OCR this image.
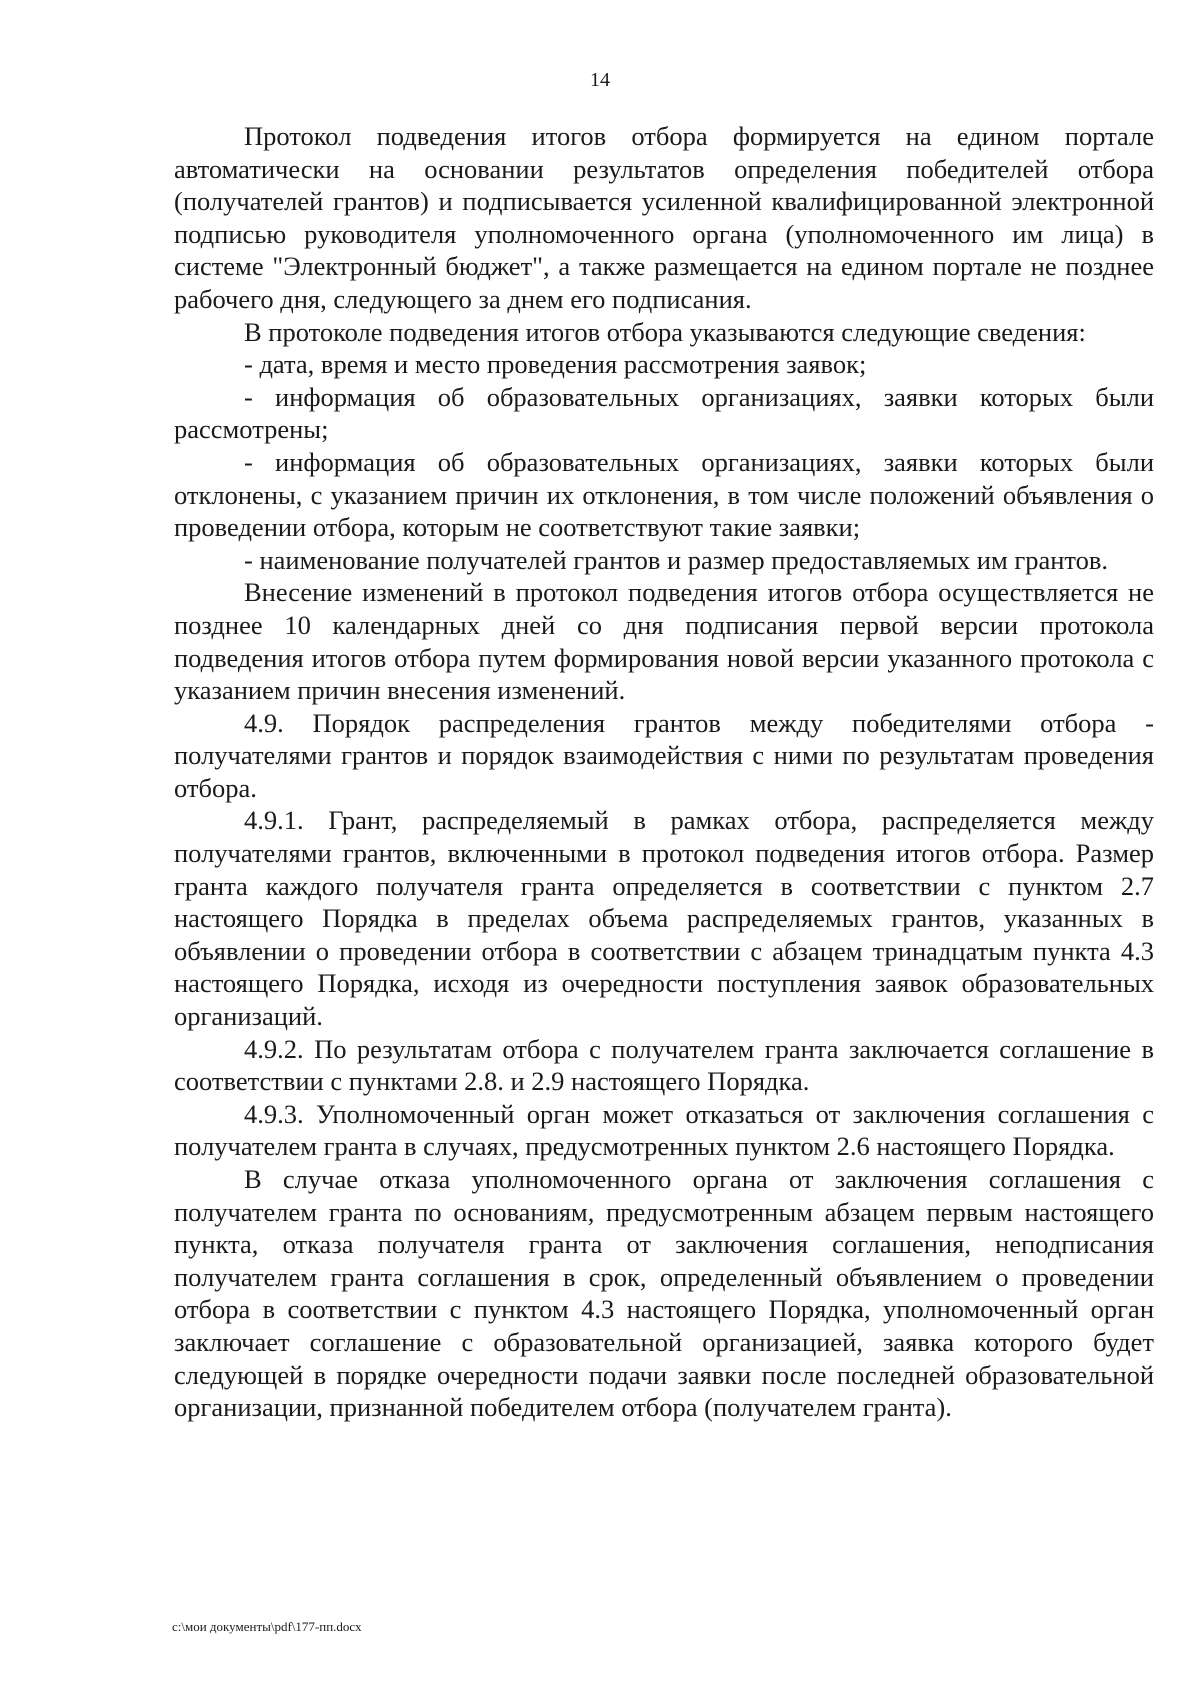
14

Протокол подведения итогов отбора формируется на едином портале автоматически на основании результатов определения победителей отбора (получателей грантов) и подписывается усиленной квалифицированной электронной подписью руководителя уполномоченного органа (уполномоченного им лица) в системе "Электронный бюджет", а также размещается на едином портале не позднее рабочего дня, следующего за днем его подписания.

В протоколе подведения итогов отбора указываются следующие сведения:

- дата, время и место проведения рассмотрения заявок;

- информация об образовательных организациях, заявки которых были рассмотрены;

- информация об образовательных организациях, заявки которых были отклонены, с указанием причин их отклонения, в том числе положений объявления о проведении отбора, которым не соответствуют такие заявки;

- наименование получателей грантов и размер предоставляемых им грантов.

Внесение изменений в протокол подведения итогов отбора осуществляется не позднее 10 календарных дней со дня подписания первой версии протокола подведения итогов отбора путем формирования новой версии указанного протокола с указанием причин внесения изменений.

4.9. Порядок распределения грантов между победителями отбора - получателями грантов и порядок взаимодействия с ними по результатам проведения отбора.

4.9.1. Грант, распределяемый в рамках отбора, распределяется между получателями грантов, включенными в протокол подведения итогов отбора. Размер гранта каждого получателя гранта определяется в соответствии с пунктом 2.7 настоящего Порядка в пределах объема распределяемых грантов, указанных в объявлении о проведении отбора в соответствии с абзацем тринадцатым пункта 4.3 настоящего Порядка, исходя из очередности поступления заявок образовательных организаций.

4.9.2. По результатам отбора с получателем гранта заключается соглашение в соответствии с пунктами 2.8. и 2.9 настоящего Порядка.

4.9.3. Уполномоченный орган может отказаться от заключения соглашения с получателем гранта в случаях, предусмотренных пунктом 2.6 настоящего Порядка.

В случае отказа уполномоченного органа от заключения соглашения с получателем гранта по основаниям, предусмотренным абзацем первым настоящего пункта, отказа получателя гранта от заключения соглашения, неподписания получателем гранта соглашения в срок, определенный объявлением о проведении отбора в соответствии с пунктом 4.3 настоящего Порядка, уполномоченный орган заключает соглашение с образовательной организацией, заявка которого будет следующей в порядке очередности подачи заявки после последней образовательной организации, признанной победителем отбора (получателем гранта).

c:\мои документы\pdf\177-пп.docx
